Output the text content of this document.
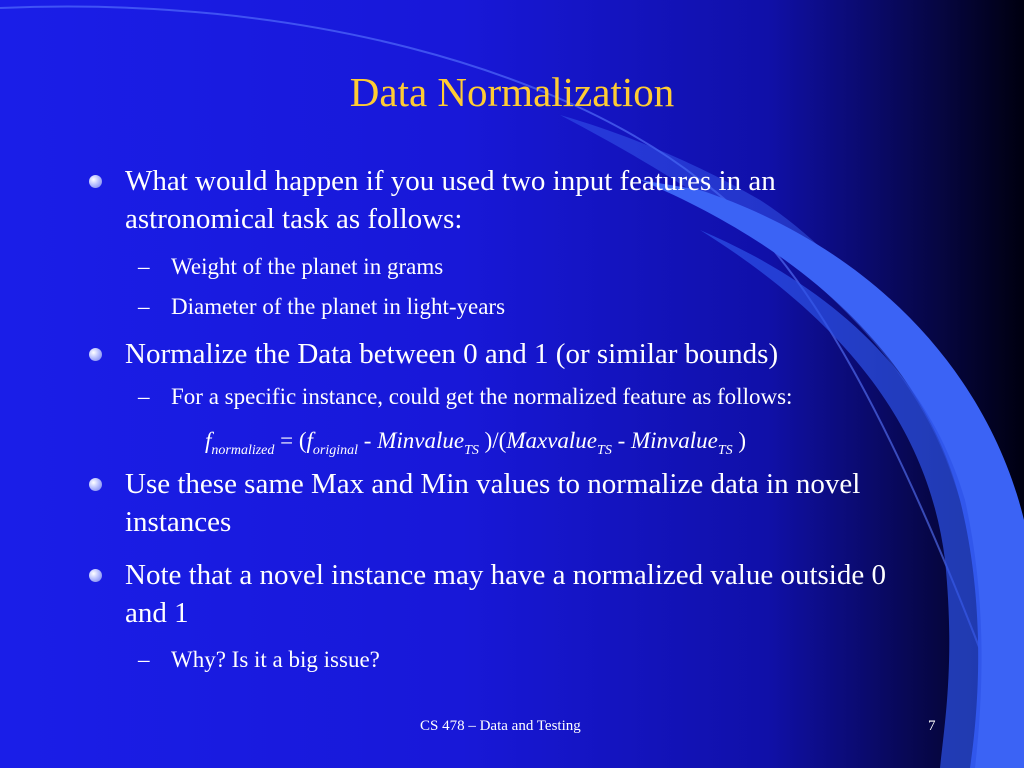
Data Normalization
What would happen if you used two input features in an astronomical task as follows:
– Weight of the planet in grams
– Diameter of the planet in light-years
Normalize the Data between 0 and 1 (or similar bounds)
– For a specific instance, could get the normalized feature as follows:
$f_{normalized} = (f_{original}$ - Minvalue$_{TS}$ )/(Maxvalue$_{TS}$ - Minvalue$_{TS}$ )
Use these same Max and Min values to normalize data in novel instances
Note that a novel instance may have a normalized value outside 0 and 1
– Why? Is it a big issue?
CS 478 – Data and Testing	7
